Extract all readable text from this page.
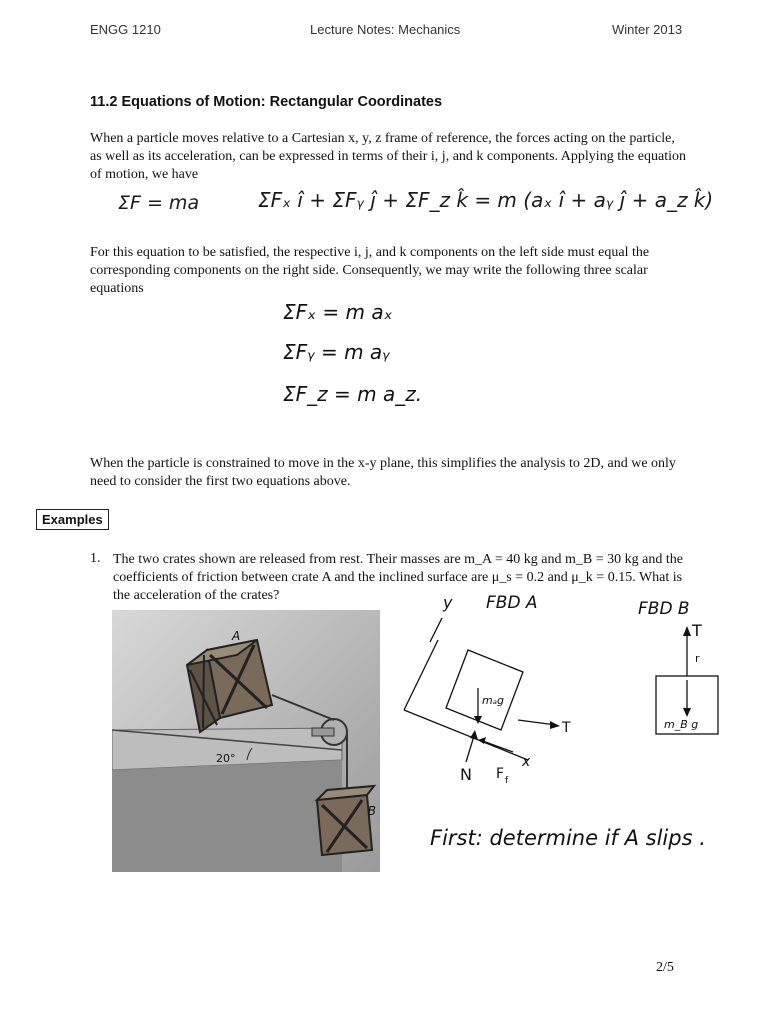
ENGG 1210	Lecture Notes: Mechanics	Winter 2013
11.2 Equations of Motion: Rectangular Coordinates
When a particle moves relative to a Cartesian x, y, z frame of reference, the forces acting on the particle, as well as its acceleration, can be expressed in terms of their i, j, and k components. Applying the equation of motion, we have
ΣF = ma	ΣFₓ î + ΣFᵧ ĵ + ΣF_z k̂ = m (aₓ î + aᵧ ĵ + a_z k̂)
For this equation to be satisfied, the respective i, j, and k components on the left side must equal the corresponding components on the right side. Consequently, we may write the following three scalar equations
ΣFₓ = m aₓ
ΣFᵧ = m aᵧ
ΣF_z = m a_z.
When the particle is constrained to move in the x-y plane, this simplifies the analysis to 2D, and we only need to consider the first two equations above.
Examples
1. The two crates shown are released from rest. Their masses are m_A = 40 kg and m_B = 30 kg and the coefficients of friction between crate A and the inclined surface are μ_s = 0.2 and μ_k = 0.15. What is the acceleration of the crates?
20°
A
B
FBD A	FBD B
y
mₐg
T
N F f
x
T
r
m_B g
First: determine if A slips .
2/5
